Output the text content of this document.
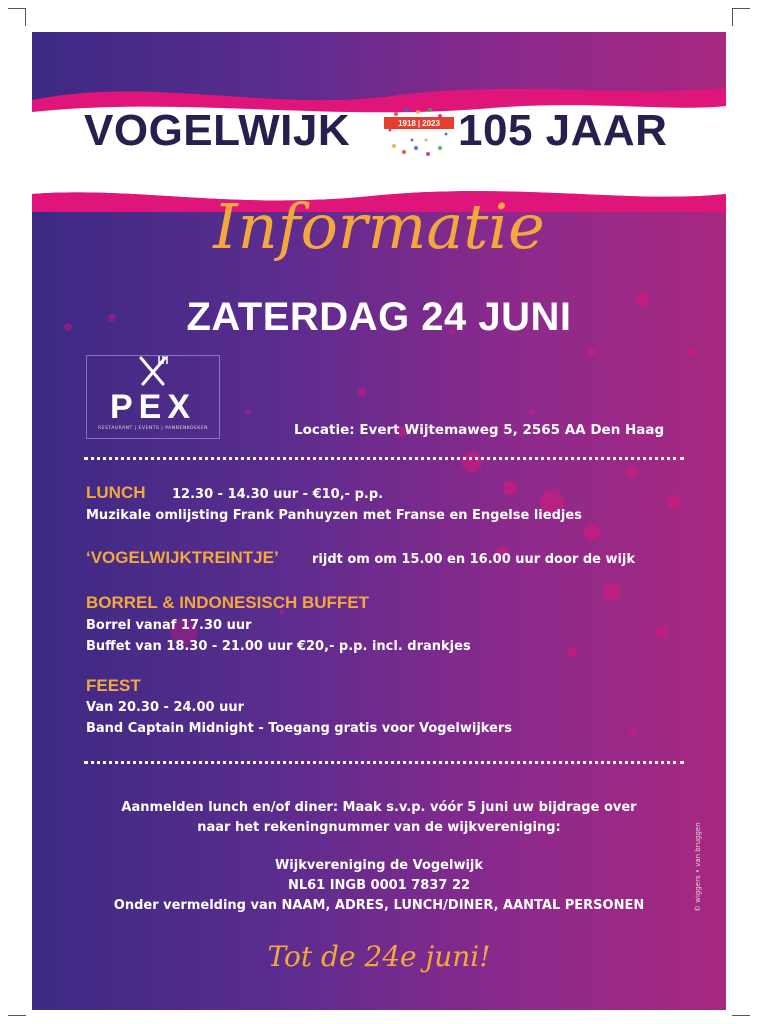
VOGELWIJK	1918 | 2023 105 JAAR
Informatie
ZATERDAG 24 JUNI
PEX
RESTAURANT | EVENTS | PANNENKOEKEN	Locatie: Evert Wijtemaweg 5, 2565 AA Den Haag
LUNCH 12.30 - 14.30 uur - €10,- p.p.
Muzikale omlijsting Frank Panhuyzen met Franse en Engelse liedjes
‘VOGELWIJKTREINTJE’	rijdt om om 15.00 en 16.00 uur door de wijk
BORREL & INDONESISCH BUFFET
Borrel vanaf 17.30 uur
Buffet van 18.30 - 21.00 uur €20,- p.p. incl. drankjes
FEEST
Van 20.30 - 24.00 uur
Band Captain Midnight - Toegang gratis voor Vogelwijkers
Aanmelden lunch en/of diner: Maak s.v.p. vóór 5 juni uw bijdrage over
naar het rekeningnummer van de wijkvereniging:
Wijkvereniging de Vogelwijk
NL61 INGB 0001 7837 22
Onder vermelding van NAAM, ADRES, LUNCH/DINER, AANTAL PERSONEN
Tot de 24e juni!
© wiggers • van bruggen
